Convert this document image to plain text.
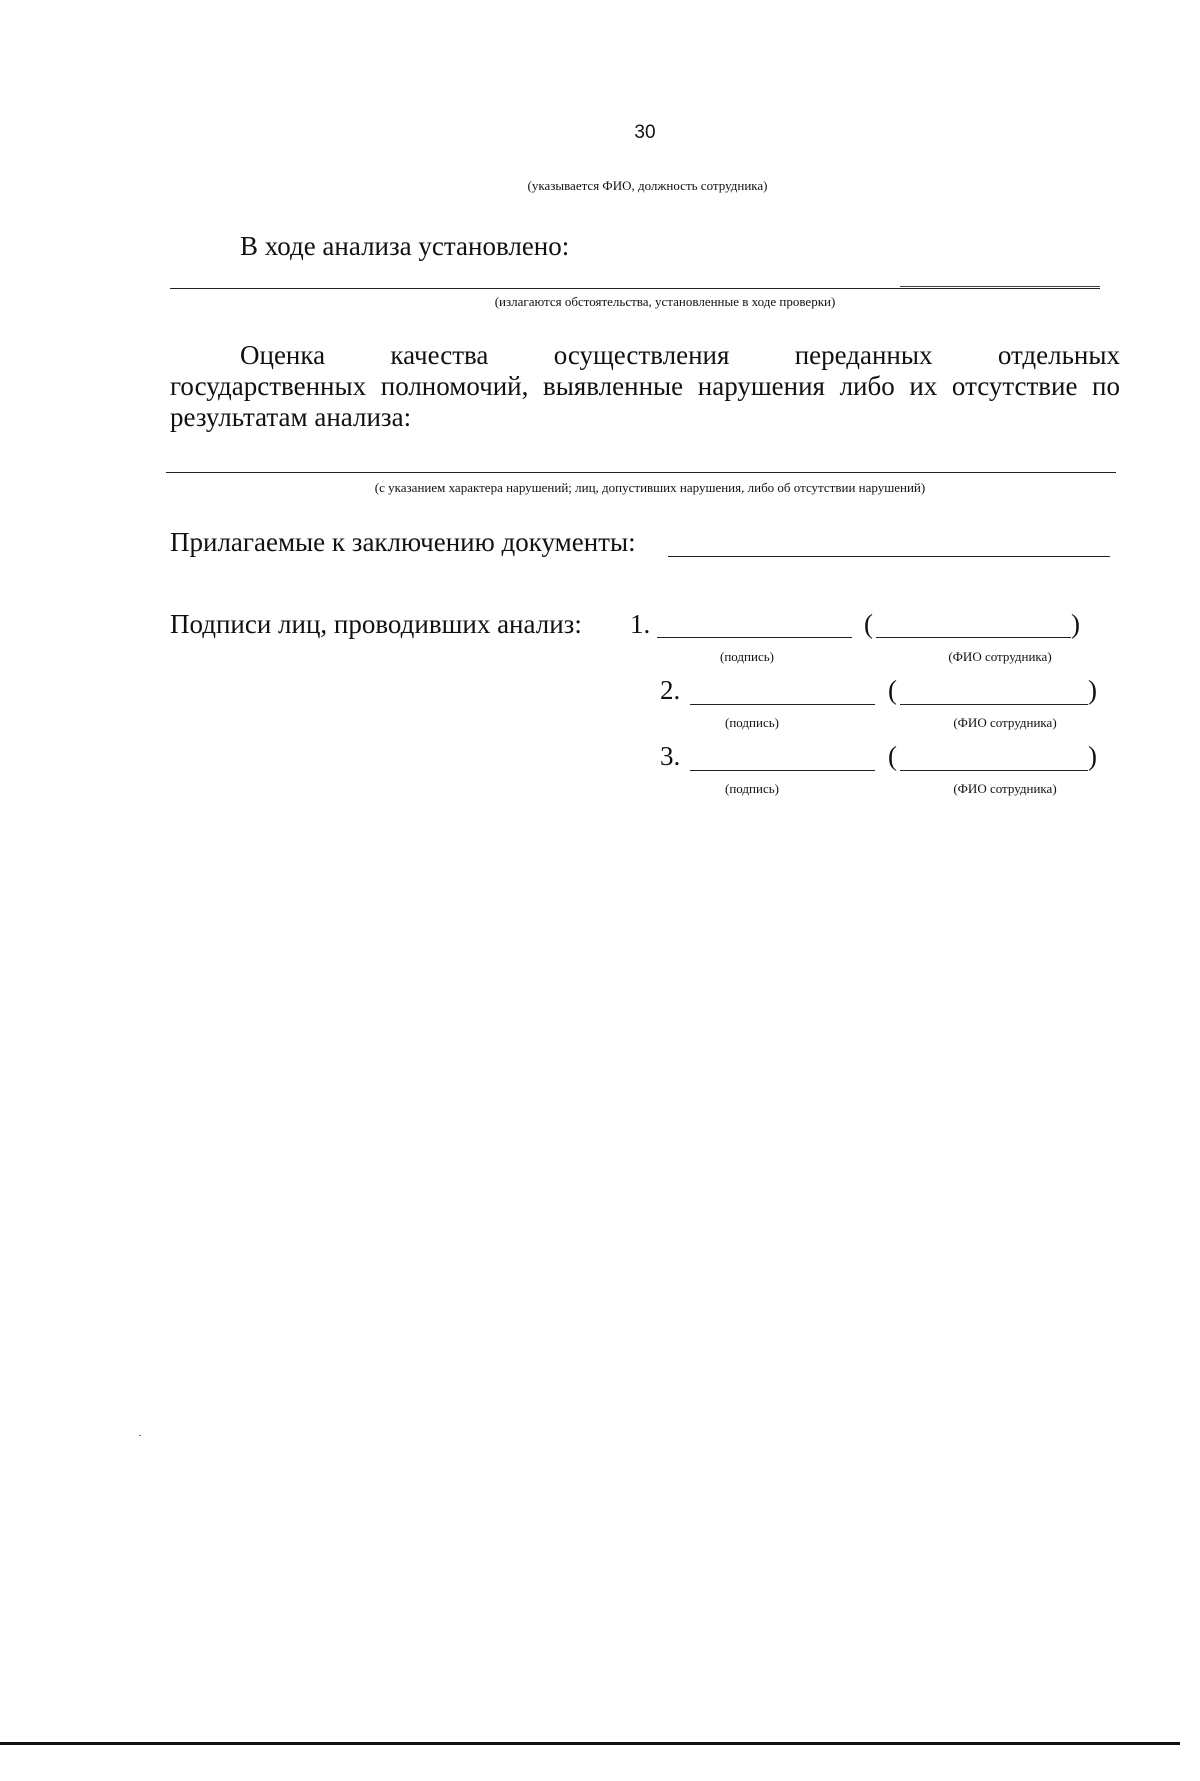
30
(указывается ФИО, должность сотрудника)
В ходе анализа установлено:
(излагаются обстоятельства, установленные в ходе проверки)
Оценка качества осуществления переданных отдельных
государственных полномочий, выявленные нарушения либо их отсутствие по
результатам анализа:
(с указанием характера нарушений; лиц, допустивших нарушения, либо об отсутствии нарушений)
Прилагаемые к заключению документы:
Подписи лиц, проводивших анализ: 1.	(	)
(подпись)	(ФИО сотрудника)
2.	(	)
(подпись)	(ФИО сотрудника)
3.	(	)
(подпись)	(ФИО сотрудника)
